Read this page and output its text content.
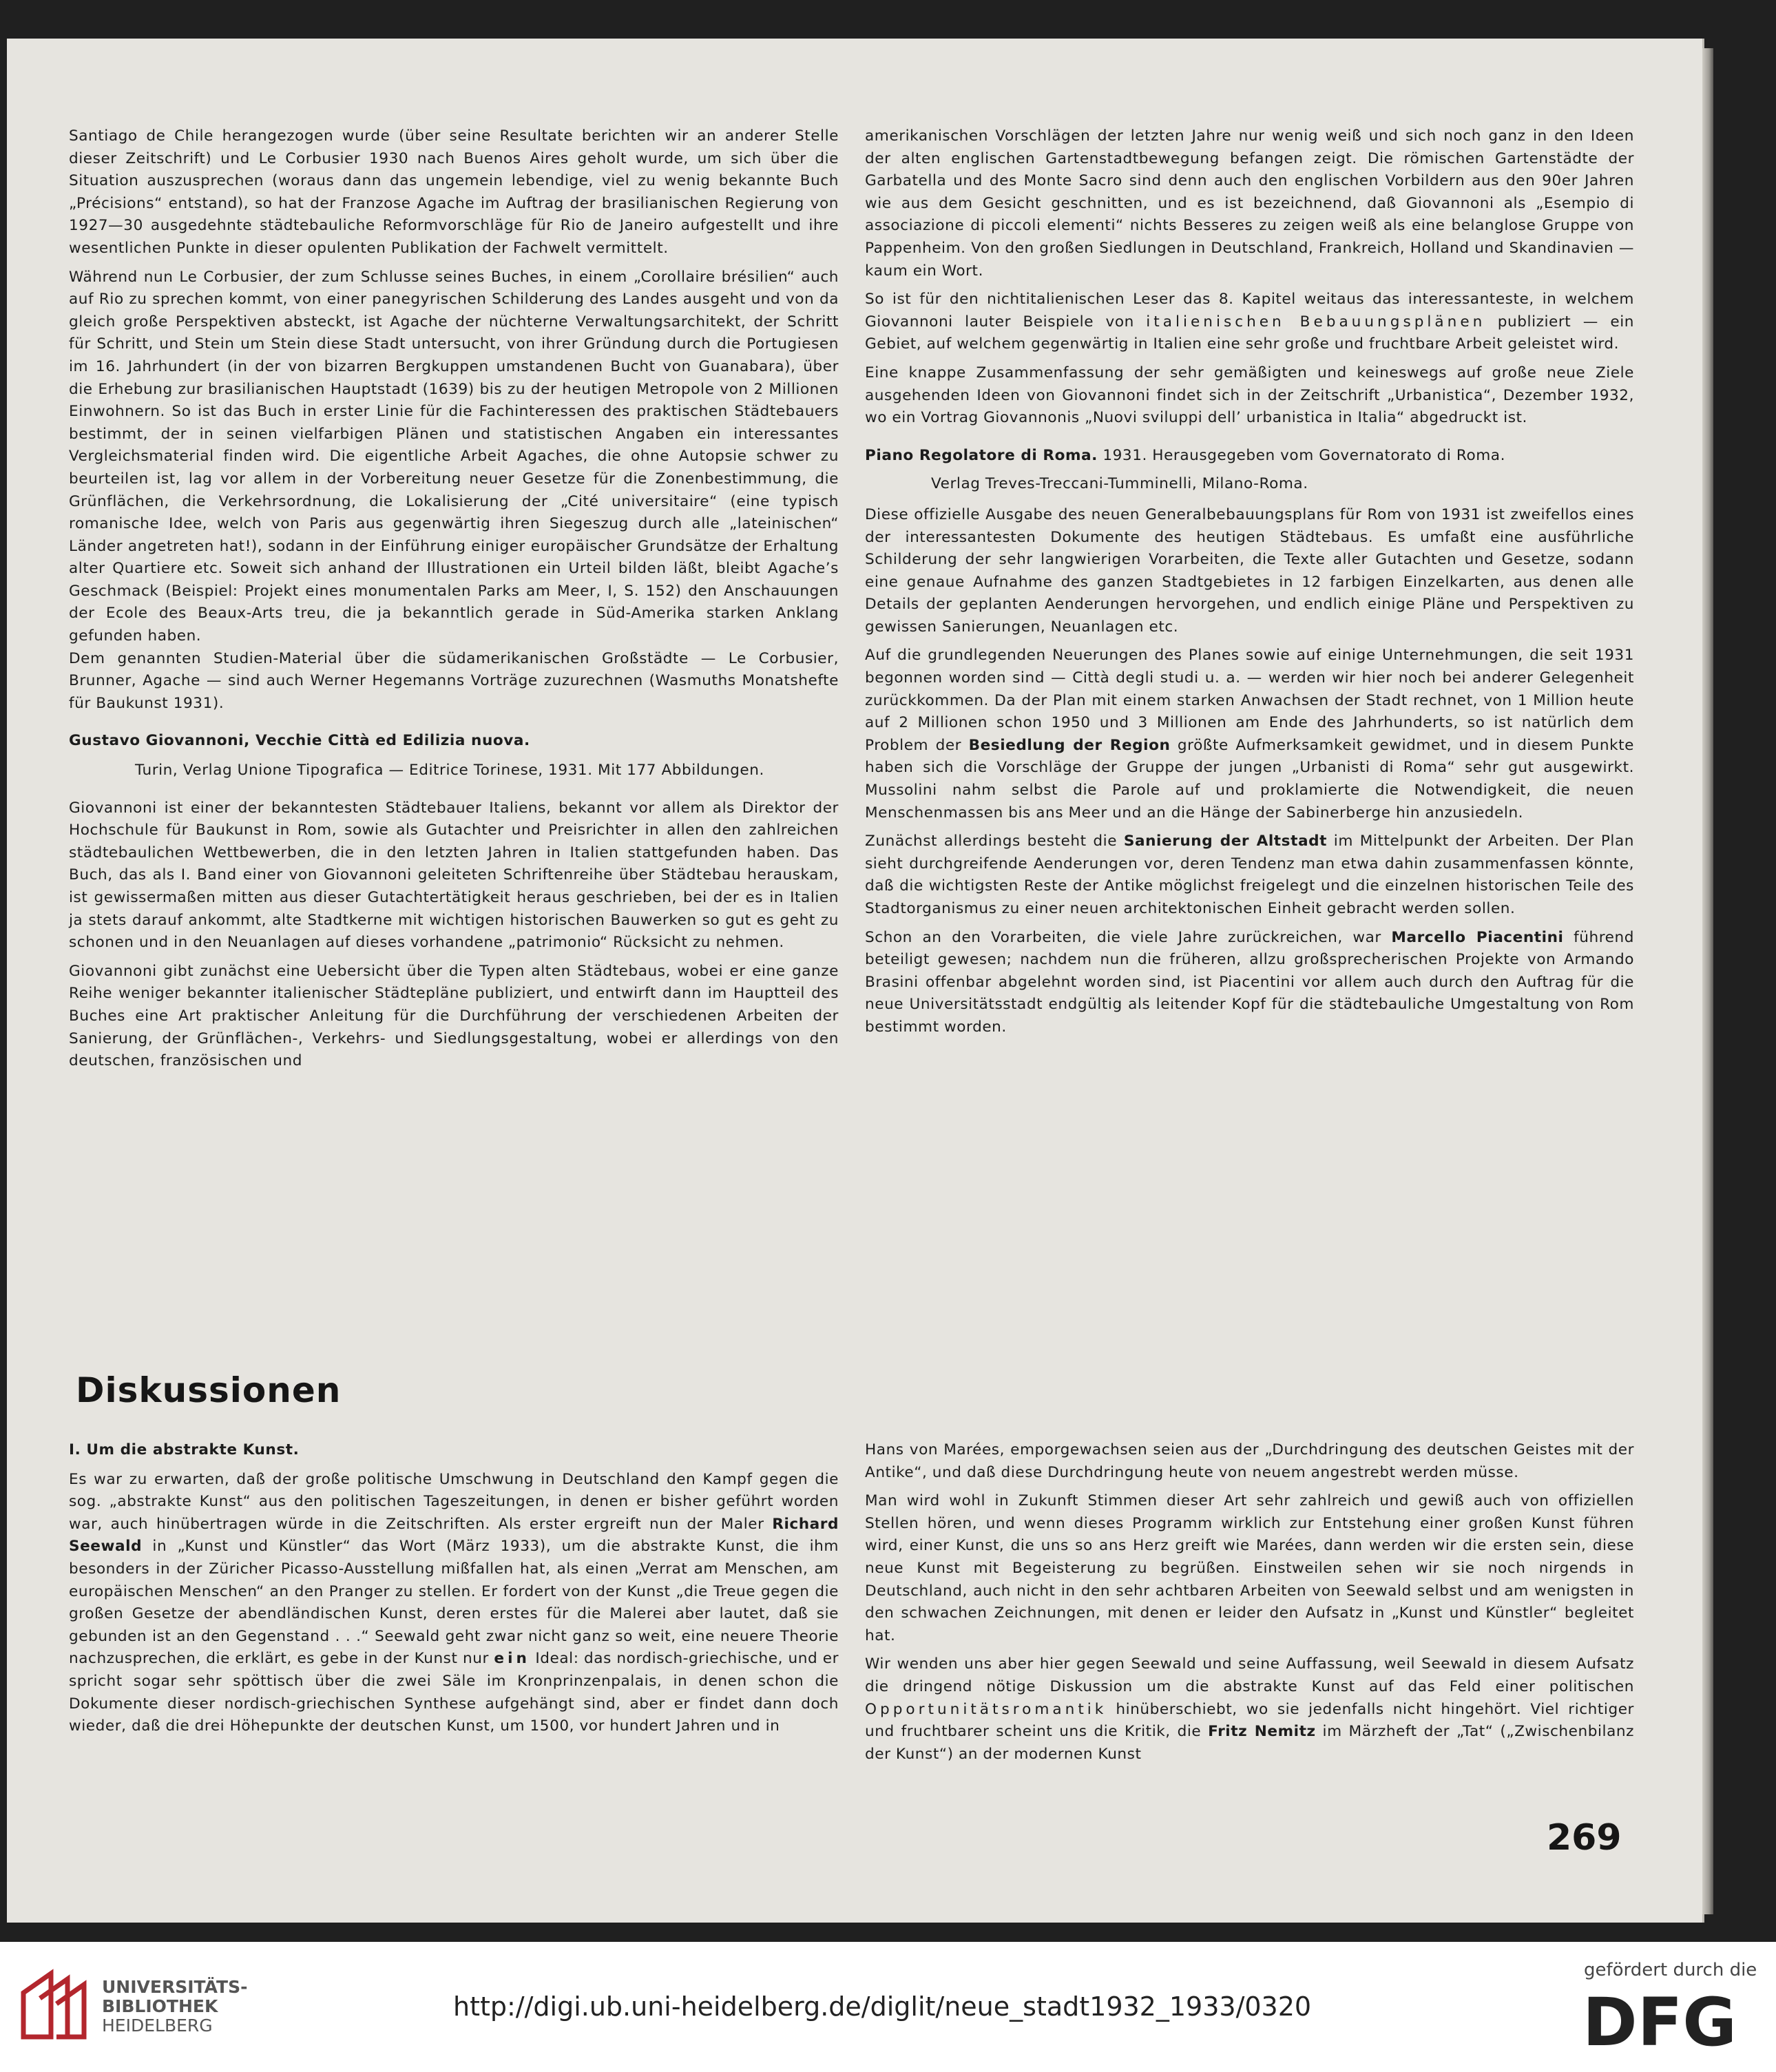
Santiago de Chile herangezogen wurde (über seine Resultate berichten wir an anderer Stelle dieser Zeitschrift) und Le Corbusier 1930 nach Buenos Aires geholt wurde, um sich über die Situation auszusprechen (woraus dann das ungemein lebendige, viel zu wenig bekannte Buch „Précisions“ entstand), so hat der Franzose Agache im Auftrag der brasilianischen Regierung von 1927—30 ausgedehnte städtebauliche Reformvorschläge für Rio de Janeiro aufgestellt und ihre wesentlichen Punkte in dieser opulenten Publikation der Fachwelt vermittelt.

Während nun Le Corbusier, der zum Schlusse seines Buches, in einem „Corollaire brésilien“ auch auf Rio zu sprechen kommt, von einer panegyrischen Schilderung des Landes ausgeht und von da gleich große Perspektiven absteckt, ist Agache der nüchterne Verwaltungsarchitekt, der Schritt für Schritt, und Stein um Stein diese Stadt untersucht, von ihrer Gründung durch die Portugiesen im 16. Jahrhundert (in der von bizarren Bergkuppen umstandenen Bucht von Guanabara), über die Erhebung zur brasilianischen Hauptstadt (1639) bis zu der heutigen Metropole von 2 Millionen Einwohnern. So ist das Buch in erster Linie für die Fachinteressen des praktischen Städtebauers bestimmt, der in seinen vielfarbigen Plänen und statistischen Angaben ein interessantes Vergleichsmaterial finden wird. Die eigentliche Arbeit Agaches, die ohne Autopsie schwer zu beurteilen ist, lag vor allem in der Vorbereitung neuer Gesetze für die Zonenbestimmung, die Grünflächen, die Verkehrsordnung, die Lokalisierung der „Cité universitaire“ (eine typisch romanische Idee, welch von Paris aus gegenwärtig ihren Siegeszug durch alle „lateinischen“ Länder angetreten hat!), sodann in der Einführung einiger europäischer Grundsätze der Erhaltung alter Quartiere etc. Soweit sich anhand der Illustrationen ein Urteil bilden läßt, bleibt Agache’s Geschmack (Beispiel: Projekt eines monumentalen Parks am Meer, I, S. 152) den Anschauungen der Ecole des Beaux-Arts treu, die ja bekanntlich gerade in Süd-Amerika starken Anklang gefunden haben.

Dem genannten Studien-Material über die südamerikanischen Großstädte — Le Corbusier, Brunner, Agache — sind auch Werner Hegemanns Vorträge zuzurechnen (Wasmuths Monatshefte für Baukunst 1931).

Gustavo Giovannoni, Vecchie Città ed Edilizia nuova.

Turin, Verlag Unione Tipografica — Editrice Torinese, 1931. Mit 177 Abbildungen.

Giovannoni ist einer der bekanntesten Städtebauer Italiens, bekannt vor allem als Direktor der Hochschule für Baukunst in Rom, sowie als Gutachter und Preisrichter in allen den zahlreichen städtebaulichen Wettbewerben, die in den letzten Jahren in Italien stattgefunden haben. Das Buch, das als I. Band einer von Giovannoni geleiteten Schriftenreihe über Städtebau herauskam, ist gewissermaßen mitten aus dieser Gutachtertätigkeit heraus geschrieben, bei der es in Italien ja stets darauf ankommt, alte Stadtkerne mit wichtigen historischen Bauwerken so gut es geht zu schonen und in den Neuanlagen auf dieses vorhandene „patrimonio“ Rücksicht zu nehmen.

Giovannoni gibt zunächst eine Uebersicht über die Typen alten Städtebaus, wobei er eine ganze Reihe weniger bekannter italienischer Städtepläne publiziert, und entwirft dann im Hauptteil des Buches eine Art praktischer Anleitung für die Durchführung der verschiedenen Arbeiten der Sanierung, der Grünflächen-, Verkehrs- und Siedlungsgestaltung, wobei er allerdings von den deutschen, französischen und

amerikanischen Vorschlägen der letzten Jahre nur wenig weiß und sich noch ganz in den Ideen der alten englischen Gartenstadtbewegung befangen zeigt. Die römischen Gartenstädte der Garbatella und des Monte Sacro sind denn auch den englischen Vorbildern aus den 90er Jahren wie aus dem Gesicht geschnitten, und es ist bezeichnend, daß Giovannoni als „Esempio di associazione di piccoli elementi“ nichts Besseres zu zeigen weiß als eine belanglose Gruppe von Pappenheim. Von den großen Siedlungen in Deutschland, Frankreich, Holland und Skandinavien — kaum ein Wort.

So ist für den nichtitalienischen Leser das 8. Kapitel weitaus das interessanteste, in welchem Giovannoni lauter Beispiele von italienischen Bebauungsplänen publiziert — ein Gebiet, auf welchem gegenwärtig in Italien eine sehr große und fruchtbare Arbeit geleistet wird.

Eine knappe Zusammenfassung der sehr gemäßigten und keineswegs auf große neue Ziele ausgehenden Ideen von Giovannoni findet sich in der Zeitschrift „Urbanistica“, Dezember 1932, wo ein Vortrag Giovannonis „Nuovi sviluppi dell’ urbanistica in Italia“ abgedruckt ist.

Piano Regolatore di Roma. 1931. Herausgegeben vom Governatorato di Roma.

Verlag Treves-Treccani-Tumminelli, Milano-Roma.

Diese offizielle Ausgabe des neuen Generalbebauungsplans für Rom von 1931 ist zweifellos eines der interessantesten Dokumente des heutigen Städtebaus. Es umfaßt eine ausführliche Schilderung der sehr langwierigen Vorarbeiten, die Texte aller Gutachten und Gesetze, sodann eine genaue Aufnahme des ganzen Stadtgebietes in 12 farbigen Einzelkarten, aus denen alle Details der geplanten Aenderungen hervorgehen, und endlich einige Pläne und Perspektiven zu gewissen Sanierungen, Neuanlagen etc.

Auf die grundlegenden Neuerungen des Planes sowie auf einige Unternehmungen, die seit 1931 begonnen worden sind — Città degli studi u. a. — werden wir hier noch bei anderer Gelegenheit zurückkommen. Da der Plan mit einem starken Anwachsen der Stadt rechnet, von 1 Million heute auf 2 Millionen schon 1950 und 3 Millionen am Ende des Jahrhunderts, so ist natürlich dem Problem der Besiedlung der Region größte Aufmerksamkeit gewidmet, und in diesem Punkte haben sich die Vorschläge der Gruppe der jungen „Urbanisti di Roma“ sehr gut ausgewirkt. Mussolini nahm selbst die Parole auf und proklamierte die Notwendigkeit, die neuen Menschenmassen bis ans Meer und an die Hänge der Sabinerberge hin anzusiedeln.

Zunächst allerdings besteht die Sanierung der Altstadt im Mittelpunkt der Arbeiten. Der Plan sieht durchgreifende Aenderungen vor, deren Tendenz man etwa dahin zusammenfassen könnte, daß die wichtigsten Reste der Antike möglichst freigelegt und die einzelnen historischen Teile des Stadtorganismus zu einer neuen architektonischen Einheit gebracht werden sollen.

Schon an den Vorarbeiten, die viele Jahre zurückreichen, war Marcello Piacentini führend beteiligt gewesen; nachdem nun die früheren, allzu großsprecherischen Projekte von Armando Brasini offenbar abgelehnt worden sind, ist Piacentini vor allem auch durch den Auftrag für die neue Universitätsstadt endgültig als leitender Kopf für die städtebauliche Umgestaltung von Rom bestimmt worden.

Diskussionen

I. Um die abstrakte Kunst.

Es war zu erwarten, daß der große politische Umschwung in Deutschland den Kampf gegen die sog. „abstrakte Kunst“ aus den politischen Tageszeitungen, in denen er bisher geführt worden war, auch hinübertragen würde in die Zeitschriften. Als erster ergreift nun der Maler Richard Seewald in „Kunst und Künstler“ das Wort (März 1933), um die abstrakte Kunst, die ihm besonders in der Züricher Picasso-Ausstellung mißfallen hat, als einen „Verrat am Menschen, am europäischen Menschen“ an den Pranger zu stellen. Er fordert von der Kunst „die Treue gegen die großen Gesetze der abendländischen Kunst, deren erstes für die Malerei aber lautet, daß sie gebunden ist an den Gegenstand . . .“ Seewald geht zwar nicht ganz so weit, eine neuere Theorie nachzusprechen, die erklärt, es gebe in der Kunst nur ein Ideal: das nordisch-griechische, und er spricht sogar sehr spöttisch über die zwei Säle im Kronprinzenpalais, in denen schon die Dokumente dieser nordisch-griechischen Synthese aufgehängt sind, aber er findet dann doch wieder, daß die drei Höhepunkte der deutschen Kunst, um 1500, vor hundert Jahren und in

Hans von Marées, emporgewachsen seien aus der „Durchdringung des deutschen Geistes mit der Antike“, und daß diese Durchdringung heute von neuem angestrebt werden müsse.

Man wird wohl in Zukunft Stimmen dieser Art sehr zahlreich und gewiß auch von offiziellen Stellen hören, und wenn dieses Programm wirklich zur Entstehung einer großen Kunst führen wird, einer Kunst, die uns so ans Herz greift wie Marées, dann werden wir die ersten sein, diese neue Kunst mit Begeisterung zu begrüßen. Einstweilen sehen wir sie noch nirgends in Deutschland, auch nicht in den sehr achtbaren Arbeiten von Seewald selbst und am wenigsten in den schwachen Zeichnungen, mit denen er leider den Aufsatz in „Kunst und Künstler“ begleitet hat.

Wir wenden uns aber hier gegen Seewald und seine Auffassung, weil Seewald in diesem Aufsatz die dringend nötige Diskussion um die abstrakte Kunst auf das Feld einer politischen Opportunitätsromantik hinüberschiebt, wo sie jedenfalls nicht hingehört. Viel richtiger und fruchtbarer scheint uns die Kritik, die Fritz Nemitz im Märzheft der „Tat“ („Zwischenbilanz der Kunst“) an der modernen Kunst

269
UNIVERSITÄTS-
BIBLIOTHEK
HEIDELBERG
http://digi.ub.uni-heidelberg.de/diglit/neue_stadt1932_1933/0320
gefördert durch die
DFG
